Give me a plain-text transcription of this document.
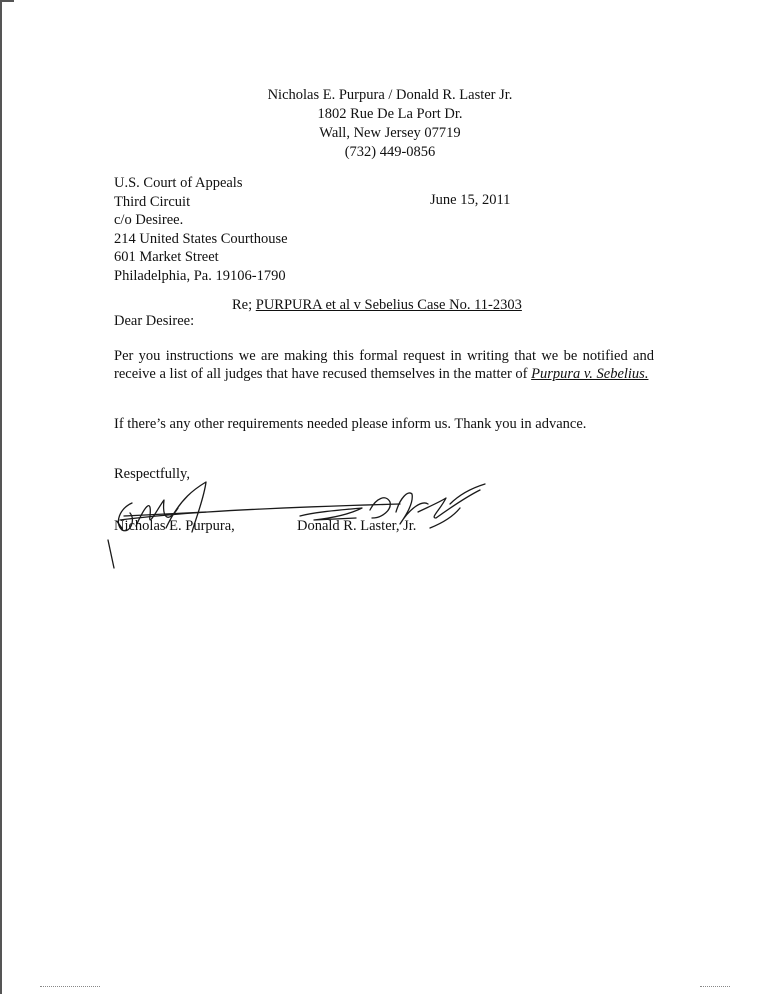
Nicholas E. Purpura / Donald R. Laster Jr.
1802 Rue De La Port Dr.
Wall, New Jersey 07719
(732) 449-0856
U.S. Court of Appeals
Third Circuit
c/o Desiree.
214 United States Courthouse
601 Market Street
Philadelphia, Pa. 19106-1790
June 15, 2011
Re; PURPURA et al v Sebelius Case No. 11-2303
Dear Desiree:
Per you instructions we are making this formal request in writing that we be notified and receive a list of all judges that have recused themselves in the matter of Purpura v. Sebelius.
If there’s any other requirements needed please inform us. Thank you in advance.
Respectfully,
Nicholas E. Purpura,	Donald R. Laster, Jr.
